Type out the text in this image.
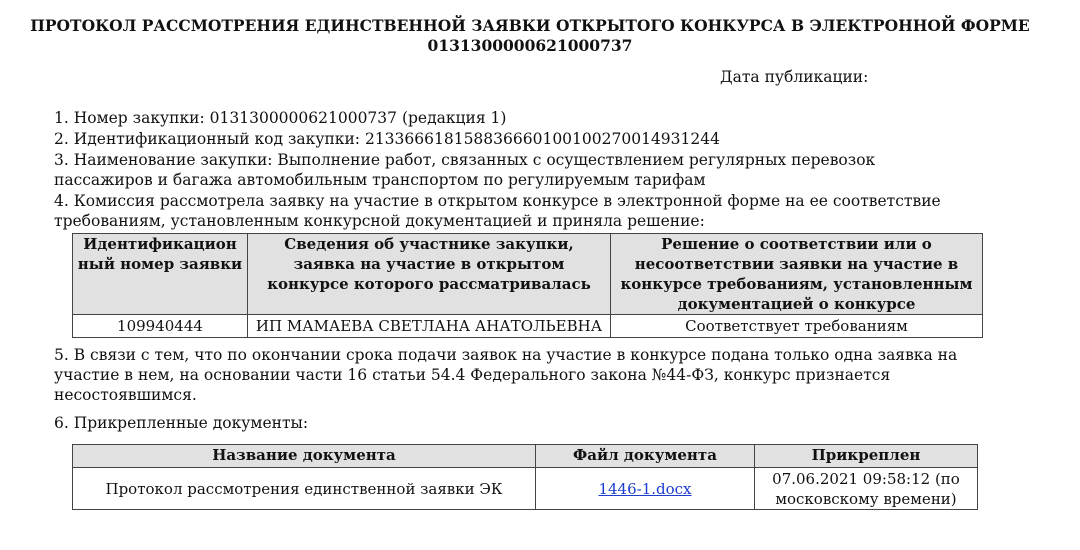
ПРОТОКОЛ РАССМОТРЕНИЯ ЕДИНСТВЕННОЙ ЗАЯВКИ ОТКРЫТОГО КОНКУРСА В ЭЛЕКТРОННОЙ ФОРМЕ
0131300000621000737
Дата публикации:
1. Номер закупки: 0131300000621000737 (редакция 1)
2. Идентификационный код закупки: 213366618158836660100100270014931244
3. Наименование закупки: Выполнение работ, связанных с осуществлением регулярных перевозок
пассажиров и багажа автомобильным транспортом по регулируемым тарифам
4. Комиссия рассмотрела заявку на участие в открытом конкурсе в электронной форме на ее соответствие
требованиям, установленным конкурсной документацией и приняла решение:
Идентификацион ный номер заявки	Сведения об участнике закупки, заявка на участие в открытом конкурсе которого рассматривалась	Решение о соответствии или о несоответствии заявки на участие в конкурсе требованиям, установленным документацией о конкурсе
109940444	ИП МАМАЕВА СВЕТЛАНА АНАТОЛЬЕВНА	Соответствует требованиям
5. В связи с тем, что по окончании срока подачи заявок на участие в конкурсе подана только одна заявка на
участие в нем, на основании части 16 статьи 54.4 Федерального закона №44-ФЗ, конкурс признается
несостоявшимся.
6. Прикрепленные документы:
Название документа	Файл документа	Прикреплен
Протокол рассмотрения единственной заявки ЭК	1446-1.docx	07.06.2021 09:58:12 (по московскому времени)
